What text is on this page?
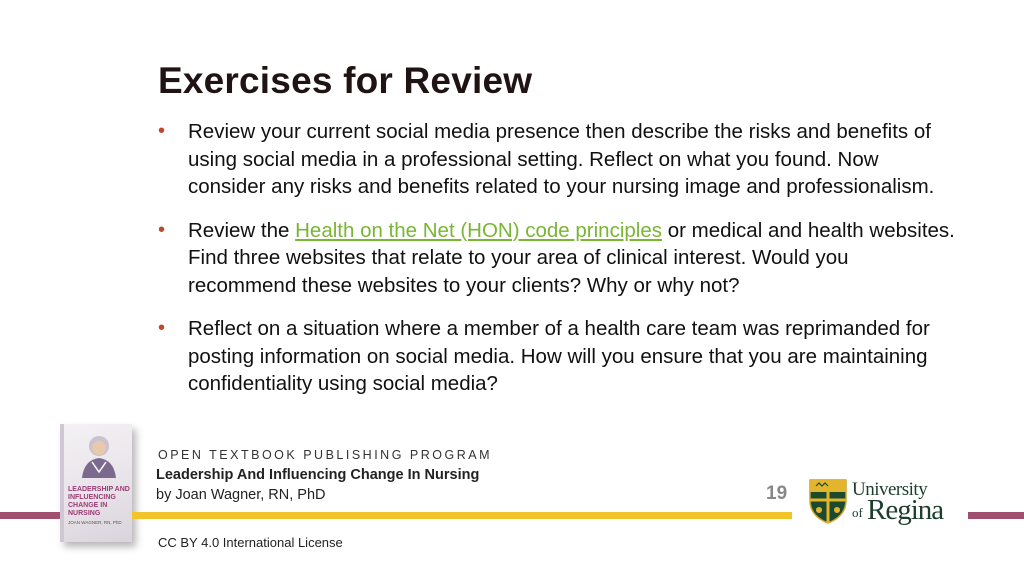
Exercises for Review
• Review your current social media presence then describe the risks and benefits of using social media in a professional setting. Reflect on what you found. Now consider any risks and benefits related to your nursing image and professionalism.
• Review the Health on the Net (HON) code principles or medical and health websites. Find three websites that relate to your area of clinical interest. Would you recommend these websites to your clients? Why or why not?
• Reflect on a situation where a member of a health care team was reprimanded for posting information on social media. How will you ensure that you are maintaining confidentiality using social media?
LEADERSHIP AND INFLUENCING CHANGE IN NURSING
JOAN WAGNER, RN, PhD
OPEN TEXTBOOK PUBLISHING PROGRAM
Leadership And Influencing Change In Nursing
by Joan Wagner, RN, PhD	19	University
of Regina
CC BY 4.0 International License
